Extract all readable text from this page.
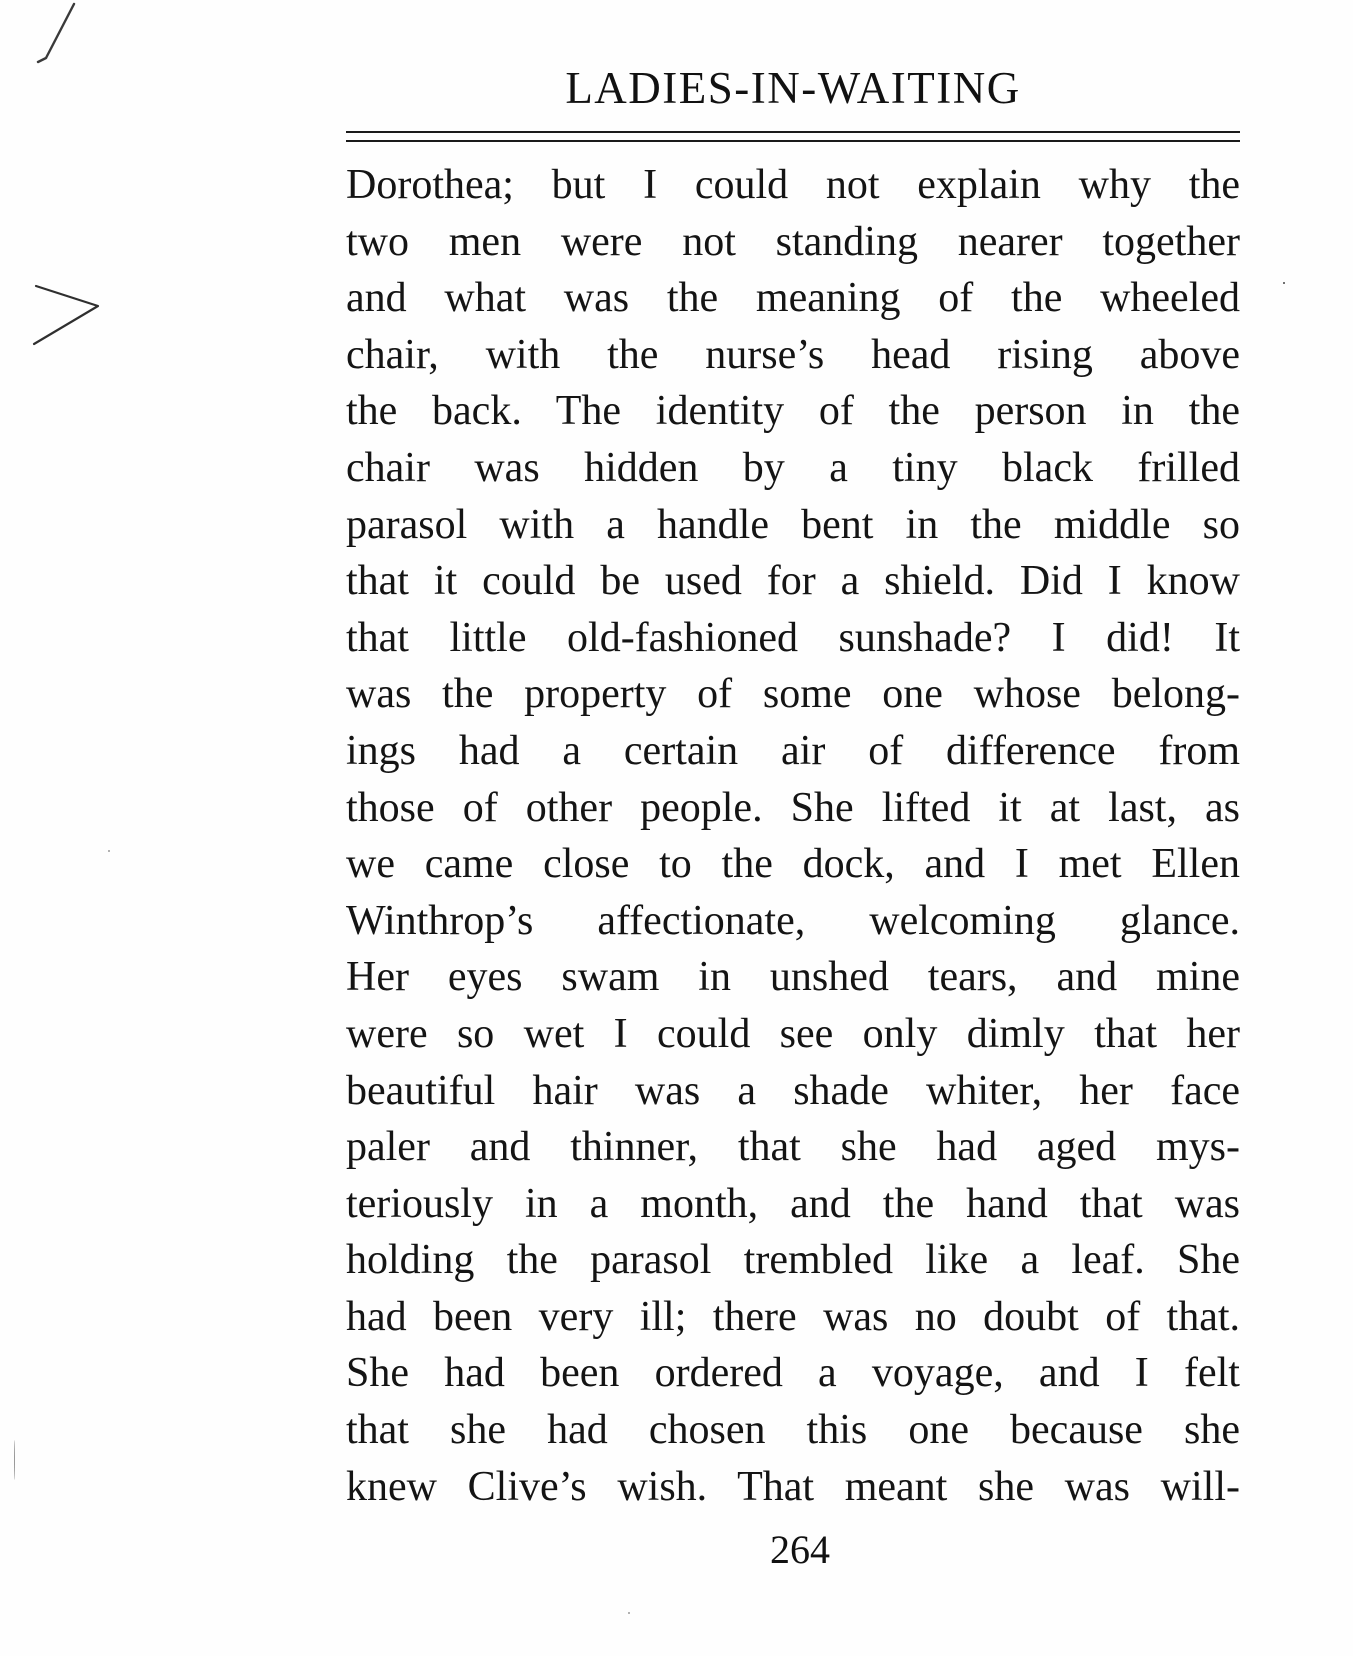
LADIES-IN-WAITING
Dorothea; but I could not explain why the
two men were not standing nearer together
and what was the meaning of the wheeled
chair, with the nurse’s head rising above
the back. The identity of the person in the
chair was hidden by a tiny black frilled
parasol with a handle bent in the middle so
that it could be used for a shield. Did I know
that little old-fashioned sunshade? I did! It
was the property of some one whose belong-
ings had a certain air of difference from
those of other people. She lifted it at last, as
we came close to the dock, and I met Ellen
Winthrop’s affectionate, welcoming glance.
Her eyes swam in unshed tears, and mine
were so wet I could see only dimly that her
beautiful hair was a shade whiter, her face
paler and thinner, that she had aged mys-
teriously in a month, and the hand that was
holding the parasol trembled like a leaf. She
had been very ill; there was no doubt of that.
She had been ordered a voyage, and I felt
that she had chosen this one because she
knew Clive’s wish. That meant she was will-
264
